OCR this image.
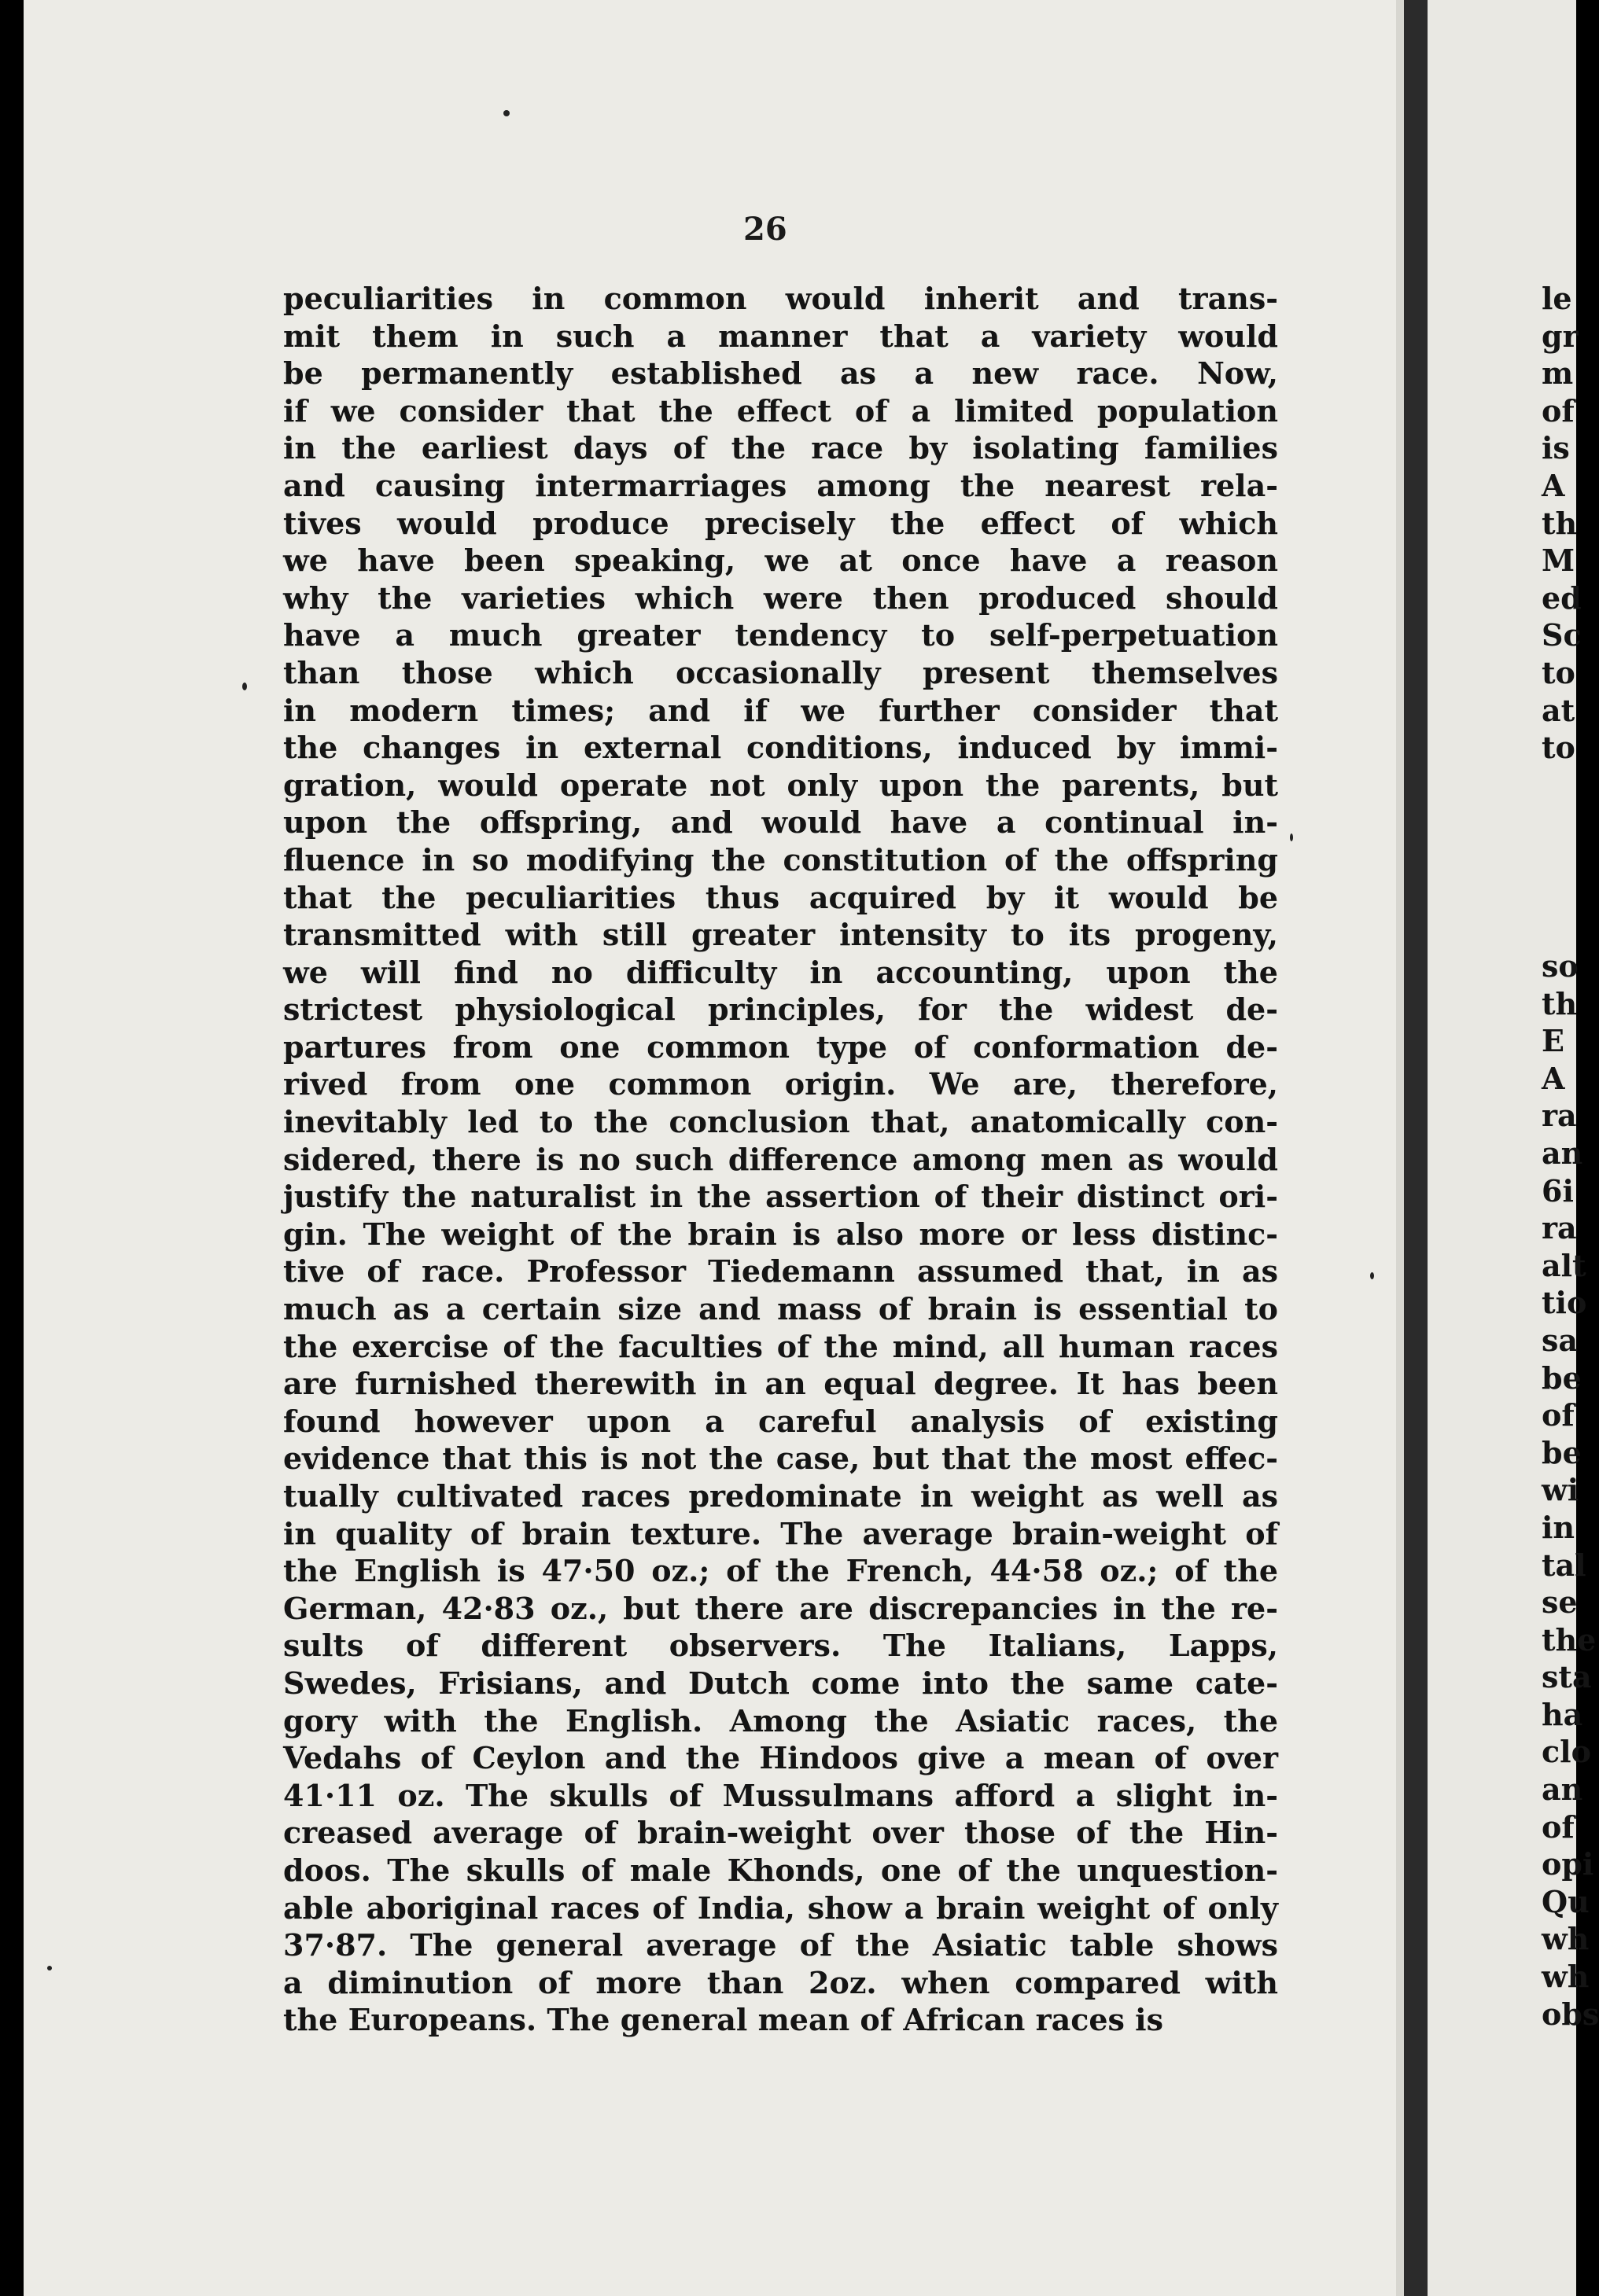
26
peculiarities in common would inherit and trans-
mit them in such a manner that a variety would
be permanently established as a new race. Now,
if we consider that the effect of a limited population
in the earliest days of the race by isolating families
and causing intermarriages among the nearest rela-
tives would produce precisely the effect of which
we have been speaking, we at once have a reason
why the varieties which were then produced should
have a much greater tendency to self-perpetuation
than those which occasionally present themselves
in modern times; and if we further consider that
the changes in external conditions, induced by immi-
gration, would operate not only upon the parents, but
upon the offspring, and would have a continual in-
fluence in so modifying the constitution of the offspring
that the peculiarities thus acquired by it would be
transmitted with still greater intensity to its progeny,
we will find no difficulty in accounting, upon the
strictest physiological principles, for the widest de-
partures from one common type of conformation de-
rived from one common origin. We are, therefore,
inevitably led to the conclusion that, anatomically con-
sidered, there is no such difference among men as would
justify the naturalist in the assertion of their distinct ori-
gin. The weight of the brain is also more or less distinc-
tive of race. Professor Tiedemann assumed that, in as
much as a certain size and mass of brain is essential to
the exercise of the faculties of the mind, all human races
are furnished therewith in an equal degree. It has been
found however upon a careful analysis of existing
evidence that this is not the case, but that the most effec-
tually cultivated races predominate in weight as well as
in quality of brain texture. The average brain-weight of
the English is 47·50 oz.; of the French, 44·58 oz.; of the
German, 42·83 oz., but there are discrepancies in the re-
sults of different observers. The Italians, Lapps,
Swedes, Frisians, and Dutch come into the same cate-
gory with the English. Among the Asiatic races, the
Vedahs of Ceylon and the Hindoos give a mean of over
41·11 oz. The skulls of Mussulmans afford a slight in-
creased average of brain-weight over those of the Hin-
doos. The skulls of male Khonds, one of the unquestion-
able aboriginal races of India, show a brain weight of only
37·87. The general average of the Asiatic table shows
a diminution of more than 2oz. when compared with
the Europeans. The general mean of African races is
le
gr
m
of
is
A
th
M
ed
Sc
to
at
to
so
th
E
A
ra
an
6i
ra
alt
tio
sa
be
of
be
wi
in
tal
se
the
sta
ha
clo
an
of
opi
Qu
wh
wh
obs
